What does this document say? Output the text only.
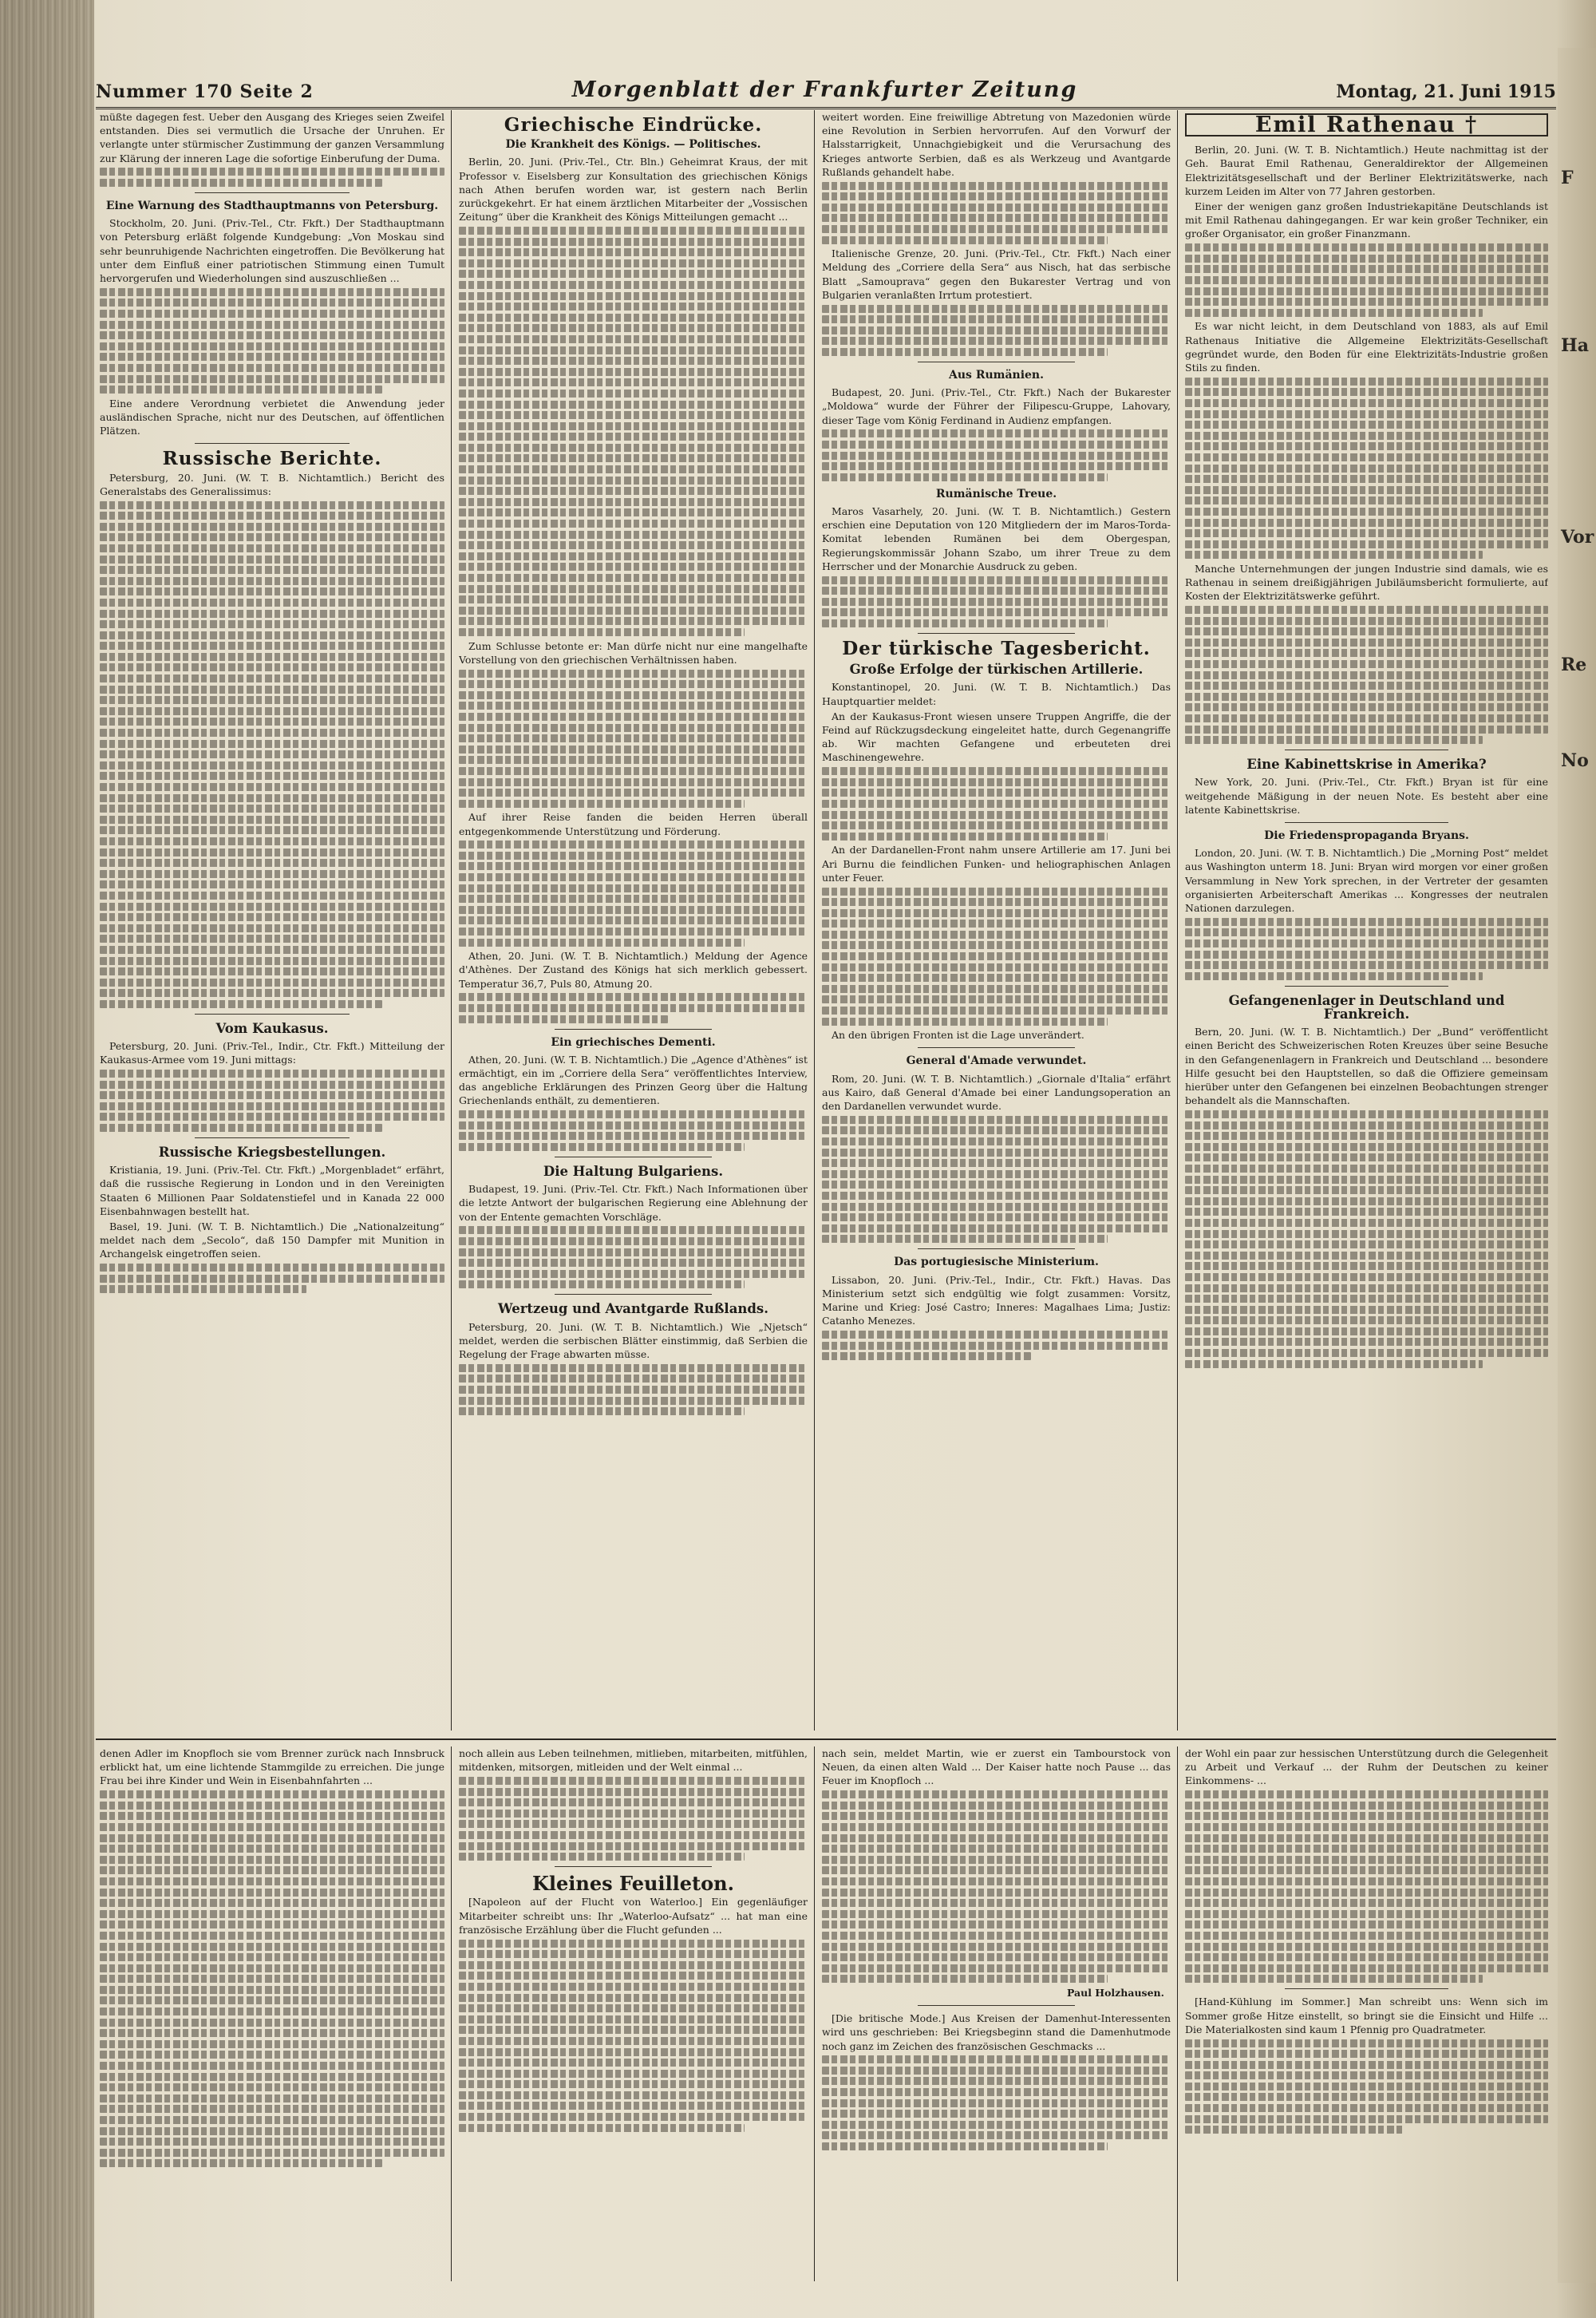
F
Ha
Vor
Re
No
Nummer 170 Seite 2	Morgenblatt der Frankfurter Zeitung	Montag, 21. Juni 1915

müßte dagegen fest. Ueber den Ausgang des Krieges seien Zweifel entstanden. Dies sei vermutlich die Ursache der Unruhen. Er verlangte unter stürmischer Zustimmung der ganzen Versammlung zur Klärung der inneren Lage die sofortige Einberufung der Duma.

Eine Warnung des Stadthauptmanns von Petersburg.

Stockholm, 20. Juni. (Priv.-Tel., Ctr. Fkft.) Der Stadthauptmann von Petersburg erläßt folgende Kundgebung: „Von Moskau sind sehr beunruhigende Nachrichten eingetroffen. Die Bevölkerung hat unter dem Einfluß einer patriotischen Stimmung einen Tumult hervorgerufen und Wiederholungen sind auszuschließen ...

Eine andere Verordnung verbietet die Anwendung jeder ausländischen Sprache, nicht nur des Deutschen, auf öffentlichen Plätzen.

Russische Berichte.

Petersburg, 20. Juni. (W. T. B. Nichtamtlich.) Bericht des Generalstabs des Generalissimus:

Vom Kaukasus.

Petersburg, 20. Juni. (Priv.-Tel., Indir., Ctr. Fkft.) Mitteilung der Kaukasus-Armee vom 19. Juni mittags:

Russische Kriegsbestellungen.

Kristiania, 19. Juni. (Priv.-Tel. Ctr. Fkft.) „Morgenbladet“ erfährt, daß die russische Regierung in London und in den Vereinigten Staaten 6 Millionen Paar Soldatenstiefel und in Kanada 22 000 Eisenbahnwagen bestellt hat.

Basel, 19. Juni. (W. T. B. Nichtamtlich.) Die „Nationalzeitung“ meldet nach dem „Secolo“, daß 150 Dampfer mit Munition in Archangelsk eingetroffen seien.

Griechische Eindrücke.
Die Krankheit des Königs. — Politisches.

Berlin, 20. Juni. (Priv.-Tel., Ctr. Bln.) Geheimrat Kraus, der mit Professor v. Eiselsberg zur Konsultation des griechischen Königs nach Athen berufen worden war, ist gestern nach Berlin zurückgekehrt. Er hat einem ärztlichen Mitarbeiter der „Vossischen Zeitung“ über die Krankheit des Königs Mitteilungen gemacht ...

Zum Schlusse betonte er: Man dürfe nicht nur eine mangelhafte Vorstellung von den griechischen Verhältnissen haben.

Auf ihrer Reise fanden die beiden Herren überall entgegenkommende Unterstützung und Förderung.

Athen, 20. Juni. (W. T. B. Nichtamtlich.) Meldung der Agence d'Athènes. Der Zustand des Königs hat sich merklich gebessert. Temperatur 36,7, Puls 80, Atmung 20.

Ein griechisches Dementi.

Athen, 20. Juni. (W. T. B. Nichtamtlich.) Die „Agence d'Athènes“ ist ermächtigt, ein im „Corriere della Sera“ veröffentlichtes Interview, das angebliche Erklärungen des Prinzen Georg über die Haltung Griechenlands enthält, zu dementieren.

Die Haltung Bulgariens.

Budapest, 19. Juni. (Priv.-Tel. Ctr. Fkft.) Nach Informationen über die letzte Antwort der bulgarischen Regierung eine Ablehnung der von der Entente gemachten Vorschläge.

Wertzeug und Avantgarde Rußlands.

Petersburg, 20. Juni. (W. T. B. Nichtamtlich.) Wie „Njetsch“ meldet, werden die serbischen Blätter einstimmig, daß Serbien die Regelung der Frage abwarten müsse.

weitert worden. Eine freiwillige Abtretung von Mazedonien würde eine Revolution in Serbien hervorrufen. Auf den Vorwurf der Halsstarrigkeit, Unnachgiebigkeit und die Verursachung des Krieges antworte Serbien, daß es als Werkzeug und Avantgarde Rußlands gehandelt habe.

Italienische Grenze, 20. Juni. (Priv.-Tel., Ctr. Fkft.) Nach einer Meldung des „Corriere della Sera“ aus Nisch, hat das serbische Blatt „Samouprava“ gegen den Bukarester Vertrag und von Bulgarien veranlaßten Irrtum protestiert.

Aus Rumänien.

Budapest, 20. Juni. (Priv.-Tel., Ctr. Fkft.) Nach der Bukarester „Moldowa“ wurde der Führer der Filipescu-Gruppe, Lahovary, dieser Tage vom König Ferdinand in Audienz empfangen.

Rumänische Treue.

Maros Vasarhely, 20. Juni. (W. T. B. Nichtamtlich.) Gestern erschien eine Deputation von 120 Mitgliedern der im Maros-Torda-Komitat lebenden Rumänen bei dem Obergespan, Regierungskommissär Johann Szabo, um ihrer Treue zu dem Herrscher und der Monarchie Ausdruck zu geben.

Der türkische Tagesbericht.
Große Erfolge der türkischen Artillerie.

Konstantinopel, 20. Juni. (W. T. B. Nichtamtlich.) Das Hauptquartier meldet:

An der Kaukasus-Front wiesen unsere Truppen Angriffe, die der Feind auf Rückzugsdeckung eingeleitet hatte, durch Gegenangriffe ab. Wir machten Gefangene und erbeuteten drei Maschinengewehre.

An der Dardanellen-Front nahm unsere Artillerie am 17. Juni bei Ari Burnu die feindlichen Funken- und heliographischen Anlagen unter Feuer.

An den übrigen Fronten ist die Lage unverändert.

General d'Amade verwundet.

Rom, 20. Juni. (W. T. B. Nichtamtlich.) „Giornale d'Italia“ erfährt aus Kairo, daß General d'Amade bei einer Landungsoperation an den Dardanellen verwundet wurde.

Das portugiesische Ministerium.

Lissabon, 20. Juni. (Priv.-Tel., Indir., Ctr. Fkft.) Havas. Das Ministerium setzt sich endgültig wie folgt zusammen: Vorsitz, Marine und Krieg: José Castro; Inneres: Magalhaes Lima; Justiz: Catanho Menezes.

Emil Rathenau †

Berlin, 20. Juni. (W. T. B. Nichtamtlich.) Heute nachmittag ist der Geh. Baurat Emil Rathenau, Generaldirektor der Allgemeinen Elektrizitätsgesellschaft und der Berliner Elektrizitätswerke, nach kurzem Leiden im Alter von 77 Jahren gestorben.

Einer der wenigen ganz großen Industriekapitäne Deutschlands ist mit Emil Rathenau dahingegangen. Er war kein großer Techniker, ein großer Organisator, ein großer Finanzmann.

Es war nicht leicht, in dem Deutschland von 1883, als auf Emil Rathenaus Initiative die Allgemeine Elektrizitäts-Gesellschaft gegründet wurde, den Boden für eine Elektrizitäts-Industrie großen Stils zu finden.

Manche Unternehmungen der jungen Industrie sind damals, wie es Rathenau in seinem dreißigjährigen Jubiläumsbericht formulierte, auf Kosten der Elektrizitätswerke geführt.

Eine Kabinettskrise in Amerika?

New York, 20. Juni. (Priv.-Tel., Ctr. Fkft.) Bryan ist für eine weitgehende Mäßigung in der neuen Note. Es besteht aber eine latente Kabinettskrise.

Die Friedenspropaganda Bryans.

London, 20. Juni. (W. T. B. Nichtamtlich.) Die „Morning Post“ meldet aus Washington unterm 18. Juni: Bryan wird morgen vor einer großen Versammlung in New York sprechen, in der Vertreter der gesamten organisierten Arbeiterschaft Amerikas ... Kongresses der neutralen Nationen darzulegen.

Gefangenenlager in Deutschland und Frankreich.

Bern, 20. Juni. (W. T. B. Nichtamtlich.) Der „Bund“ veröffentlicht einen Bericht des Schweizerischen Roten Kreuzes über seine Besuche in den Gefangenenlagern in Frankreich und Deutschland ... besondere Hilfe gesucht bei den Hauptstellen, so daß die Offiziere gemeinsam hierüber unter den Gefangenen bei einzelnen Beobachtungen strenger behandelt als die Mannschaften.

denen Adler im Knopfloch sie vom Brenner zurück nach Innsbruck erblickt hat, um eine lichtende Stammgilde zu erreichen. Die junge Frau bei ihre Kinder und Wein in Eisenbahnfahrten ...

noch allein aus Leben teilnehmen, mitlieben, mitarbeiten, mitfühlen, mitdenken, mitsorgen, mitleiden und der Welt einmal ...

Kleines Feuilleton.

[Napoleon auf der Flucht von Waterloo.] Ein gegenläufiger Mitarbeiter schreibt uns: Ihr „Waterloo-Aufsatz“ ... hat man eine französische Erzählung über die Flucht gefunden ...

nach sein, meldet Martin, wie er zuerst ein Tambourstock von Neuen, da einen alten Wald ... Der Kaiser hatte noch Pause ... das Feuer im Knopfloch ...

Paul Holzhausen.

[Die britische Mode.] Aus Kreisen der Damenhut-Interessenten wird uns geschrieben: Bei Kriegsbeginn stand die Damenhutmode noch ganz im Zeichen des französischen Geschmacks ...

der Wohl ein paar zur hessischen Unterstützung durch die Gelegenheit zu Arbeit und Verkauf ... der Ruhm der Deutschen zu keiner Einkommens- ...

[Hand-Kühlung im Sommer.] Man schreibt uns: Wenn sich im Sommer große Hitze einstellt, so bringt sie die Einsicht und Hilfe ... Die Materialkosten sind kaum 1 Pfennig pro Quadratmeter.
